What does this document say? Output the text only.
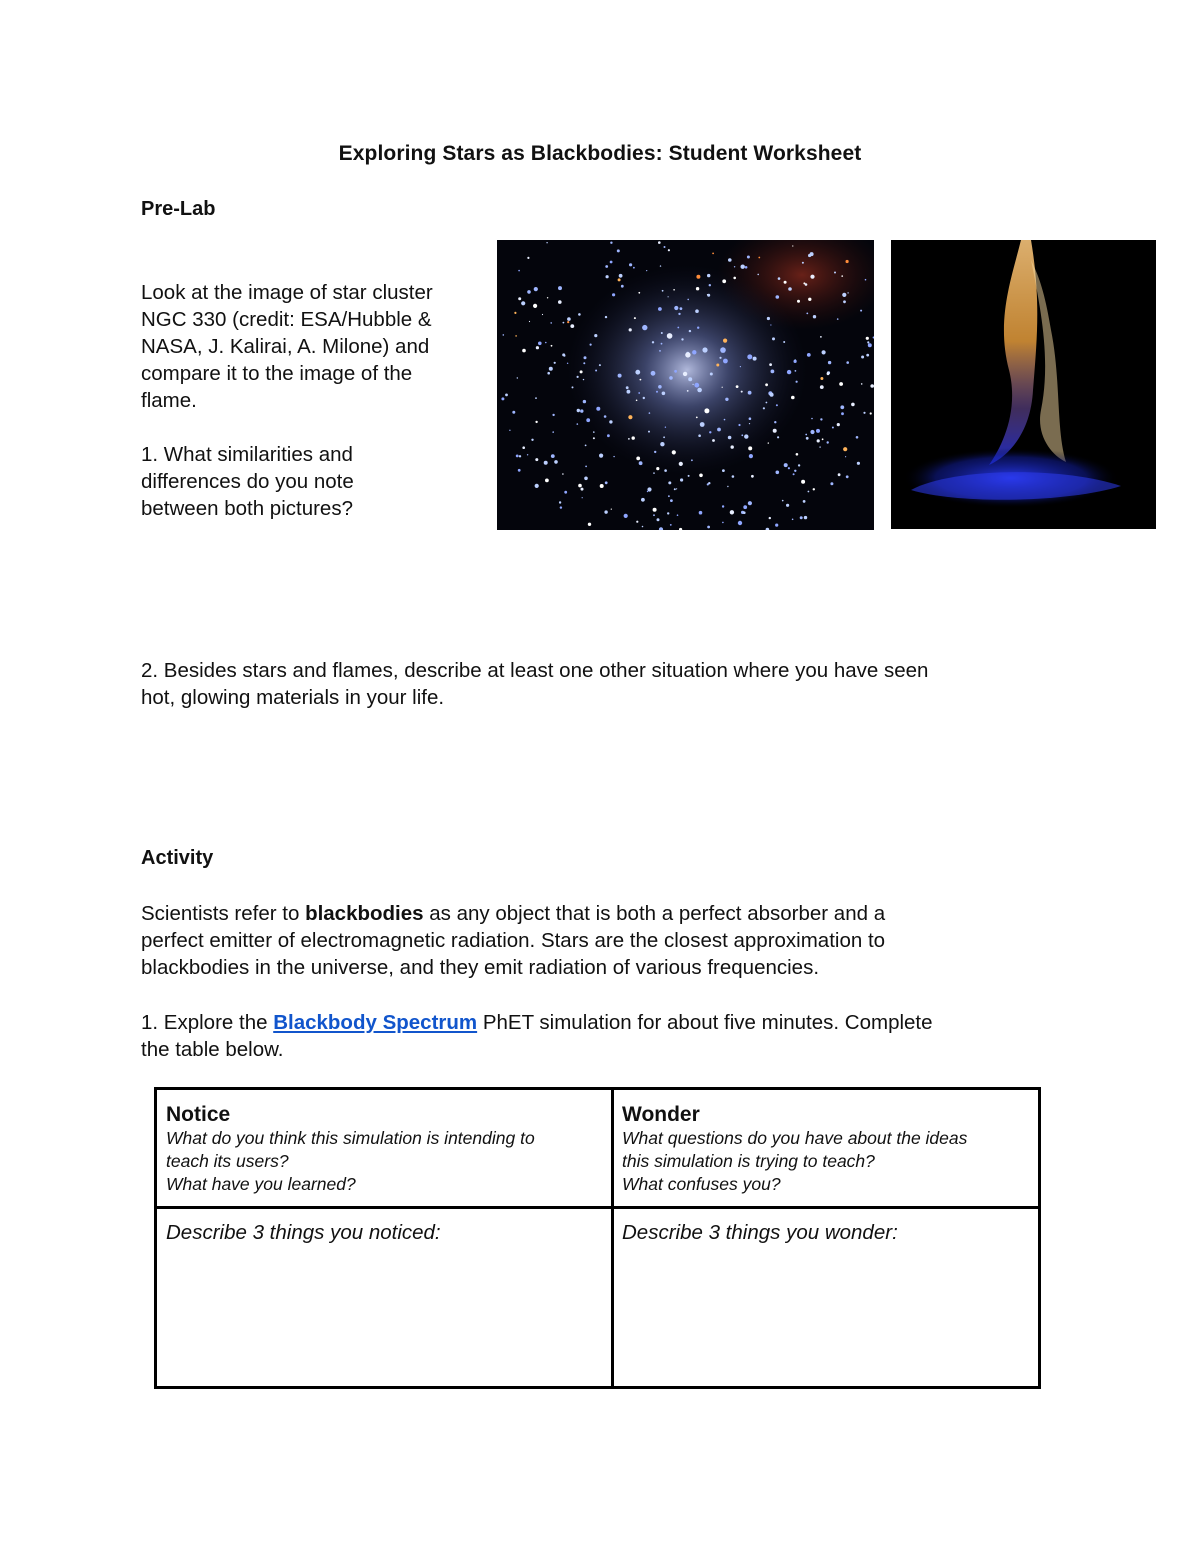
Exploring Stars as Blackbodies: Student Worksheet
Pre-Lab
Look at the image of star cluster
NGC 330 (credit: ESA/Hubble &
NASA, J. Kalirai, A. Milone) and
compare it to the image of the
flame.
1. What similarities and
differences do you note
between both pictures?
2. Besides stars and flames, describe at least one other situation where you have seen
hot, glowing materials in your life.
Activity
Scientists refer to blackbodies as any object that is both a perfect absorber and a
perfect emitter of electromagnetic radiation. Stars are the closest approximation to
blackbodies in the universe, and they emit radiation of various frequencies.
1. Explore the Blackbody Spectrum PhET simulation for about five minutes. Complete
the table below.
Notice
What do you think this simulation is intending to
teach its users?
What have you learned?
Wonder
What questions do you have about the ideas
this simulation is trying to teach?
What confuses you?
Describe 3 things you noticed:	Describe 3 things you wonder:
